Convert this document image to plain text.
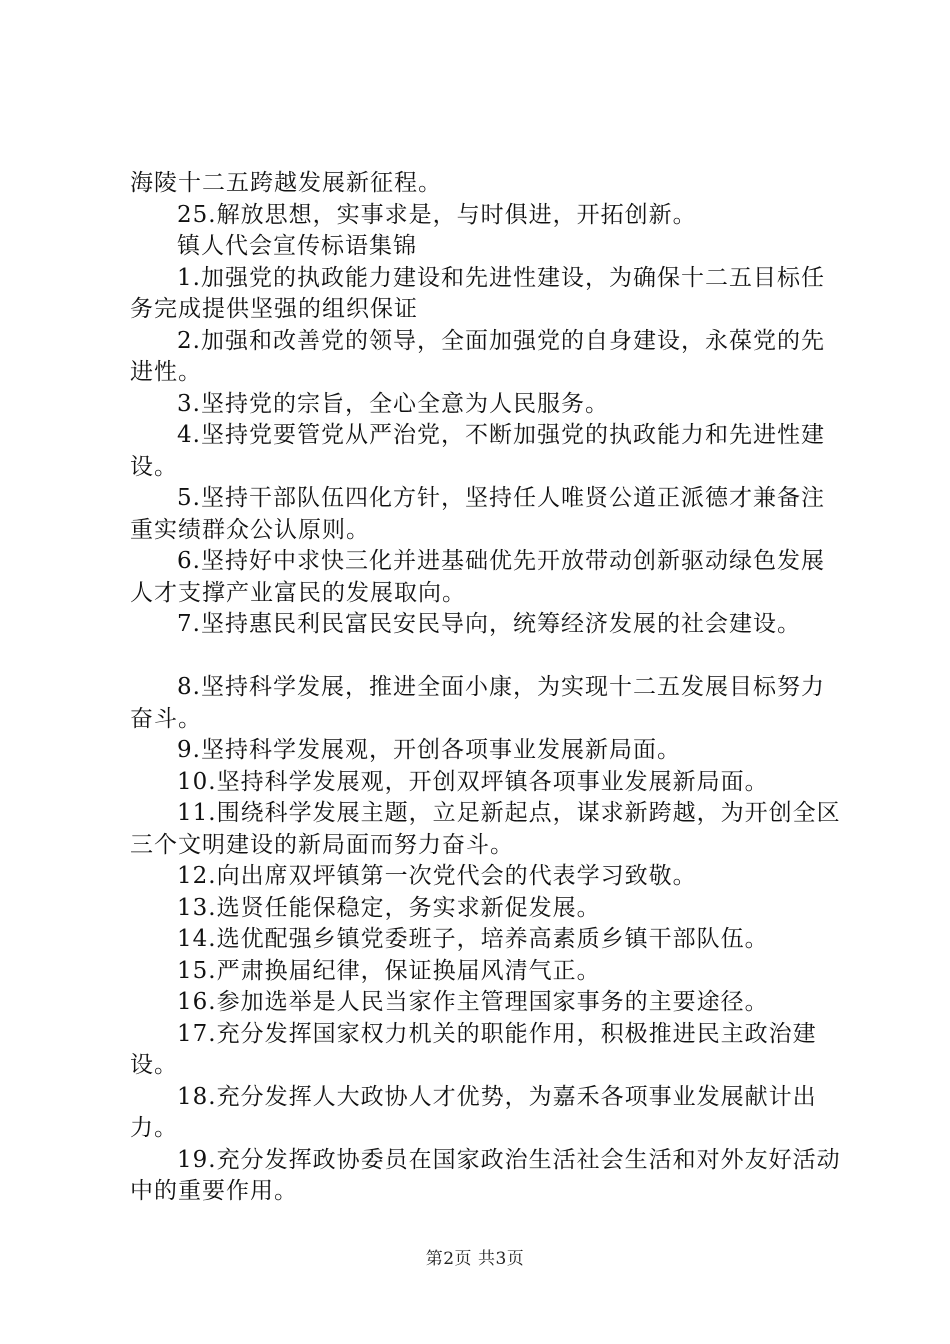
海陵十二五跨越发展新征程。

25.解放思想，实事求是，与时俱进，开拓创新。

镇人代会宣传标语集锦

1.加强党的执政能力建设和先进性建设，为确保十二五目标任务完成提供坚强的组织保证

2.加强和改善党的领导，全面加强党的自身建设，永葆党的先进性。

3.坚持党的宗旨，全心全意为人民服务。

4.坚持党要管党从严治党，不断加强党的执政能力和先进性建设。

5.坚持干部队伍四化方针，坚持任人唯贤公道正派德才兼备注重实绩群众公认原则。

6.坚持好中求快三化并进基础优先开放带动创新驱动绿色发展人才支撑产业富民的发展取向。

7.坚持惠民利民富民安民导向，统筹经济发展的社会建设。

8.坚持科学发展，推进全面小康，为实现十二五发展目标努力奋斗。

9.坚持科学发展观，开创各项事业发展新局面。

10.坚持科学发展观，开创双坪镇各项事业发展新局面。

11.围绕科学发展主题，立足新起点，谋求新跨越，为开创全区三个文明建设的新局面而努力奋斗。

12.向出席双坪镇第一次党代会的代表学习致敬。

13.选贤任能保稳定，务实求新促发展。

14.选优配强乡镇党委班子，培养高素质乡镇干部队伍。

15.严肃换届纪律，保证换届风清气正。

16.参加选举是人民当家作主管理国家事务的主要途径。

17.充分发挥国家权力机关的职能作用，积极推进民主政治建设。

18.充分发挥人大政协人才优势，为嘉禾各项事业发展献计出力。

19.充分发挥政协委员在国家政治生活社会生活和对外友好活动中的重要作用。

第2页 共3页
